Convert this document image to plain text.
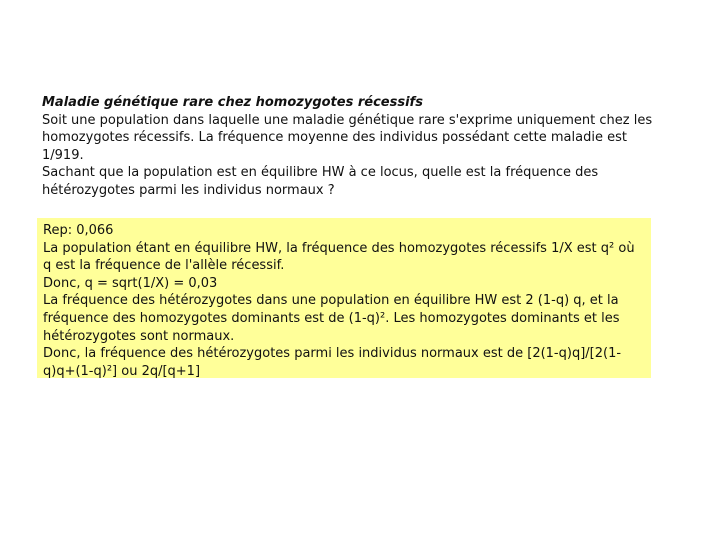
Maladie génétique rare chez homozygotes récessifs
Soit une population dans laquelle une maladie génétique rare s'exprime uniquement chez les
homozygotes récessifs. La fréquence moyenne des individus possédant cette maladie est
1/919.
Sachant que la population est en équilibre HW à ce locus, quelle est la fréquence des
hétérozygotes parmi les individus normaux ?
Rep: 0,066
La population étant en équilibre HW, la fréquence des homozygotes récessifs 1/X est q² où
q est la fréquence de l'allèle récessif.
Donc, q = sqrt(1/X) = 0,03
La fréquence des hétérozygotes dans une population en équilibre HW est 2 (1-q) q, et la
fréquence des homozygotes dominants est de (1-q)². Les homozygotes dominants et les
hétérozygotes sont normaux.
Donc, la fréquence des hétérozygotes parmi les individus normaux est de [2(1-q)q]/[2(1-
q)q+(1-q)²] ou 2q/[q+1]
